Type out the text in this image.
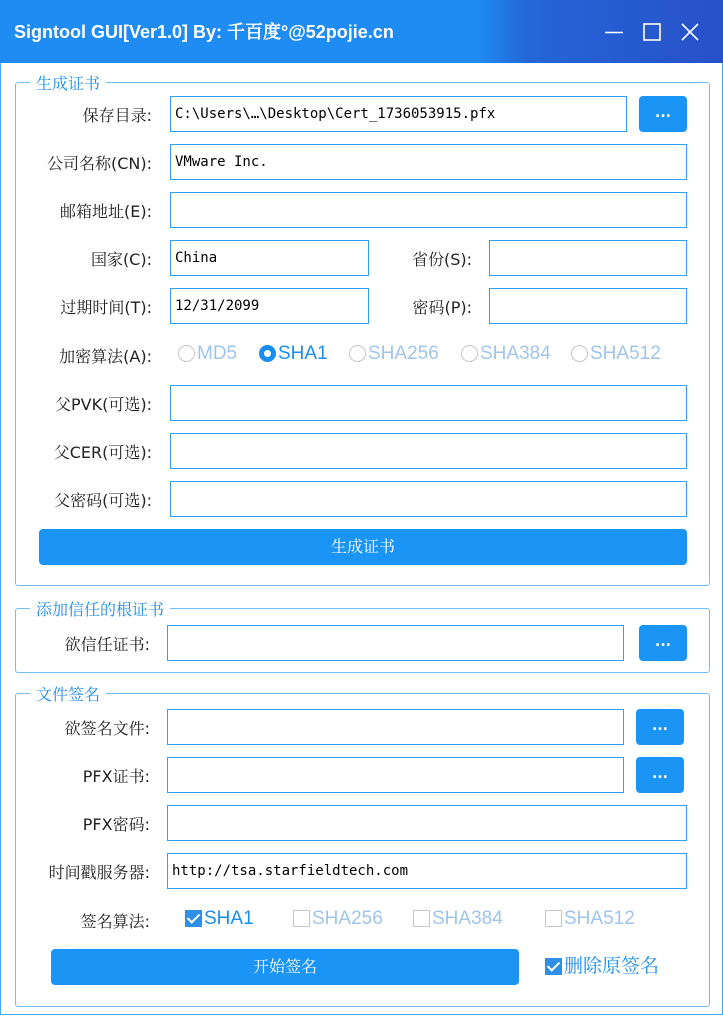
Signtool GUI[Ver1.0] By: 千百度°@52pojie.cn
生成证书
保存目录:	C:\Users\…\Desktop\Cert_1736053915.pfx	...
公司名称(CN):	VMware Inc.
邮箱地址(E):
国家(C):	China	省份(S):
过期时间(T):	12/31/2099	密码(P):
加密算法(A):	MD5	SHA1	SHA256	SHA384	SHA512
父PVK(可选):
父CER(可选):
父密码(可选):
生成证书
添加信任的根证书
欲信任证书:	...
文件签名
欲签名文件:	...
PFX证书:	...
PFX密码:
时间戳服务器:	http://tsa.starfieldtech.com
签名算法:	SHA1	SHA256	SHA384	SHA512
开始签名	删除原签名
